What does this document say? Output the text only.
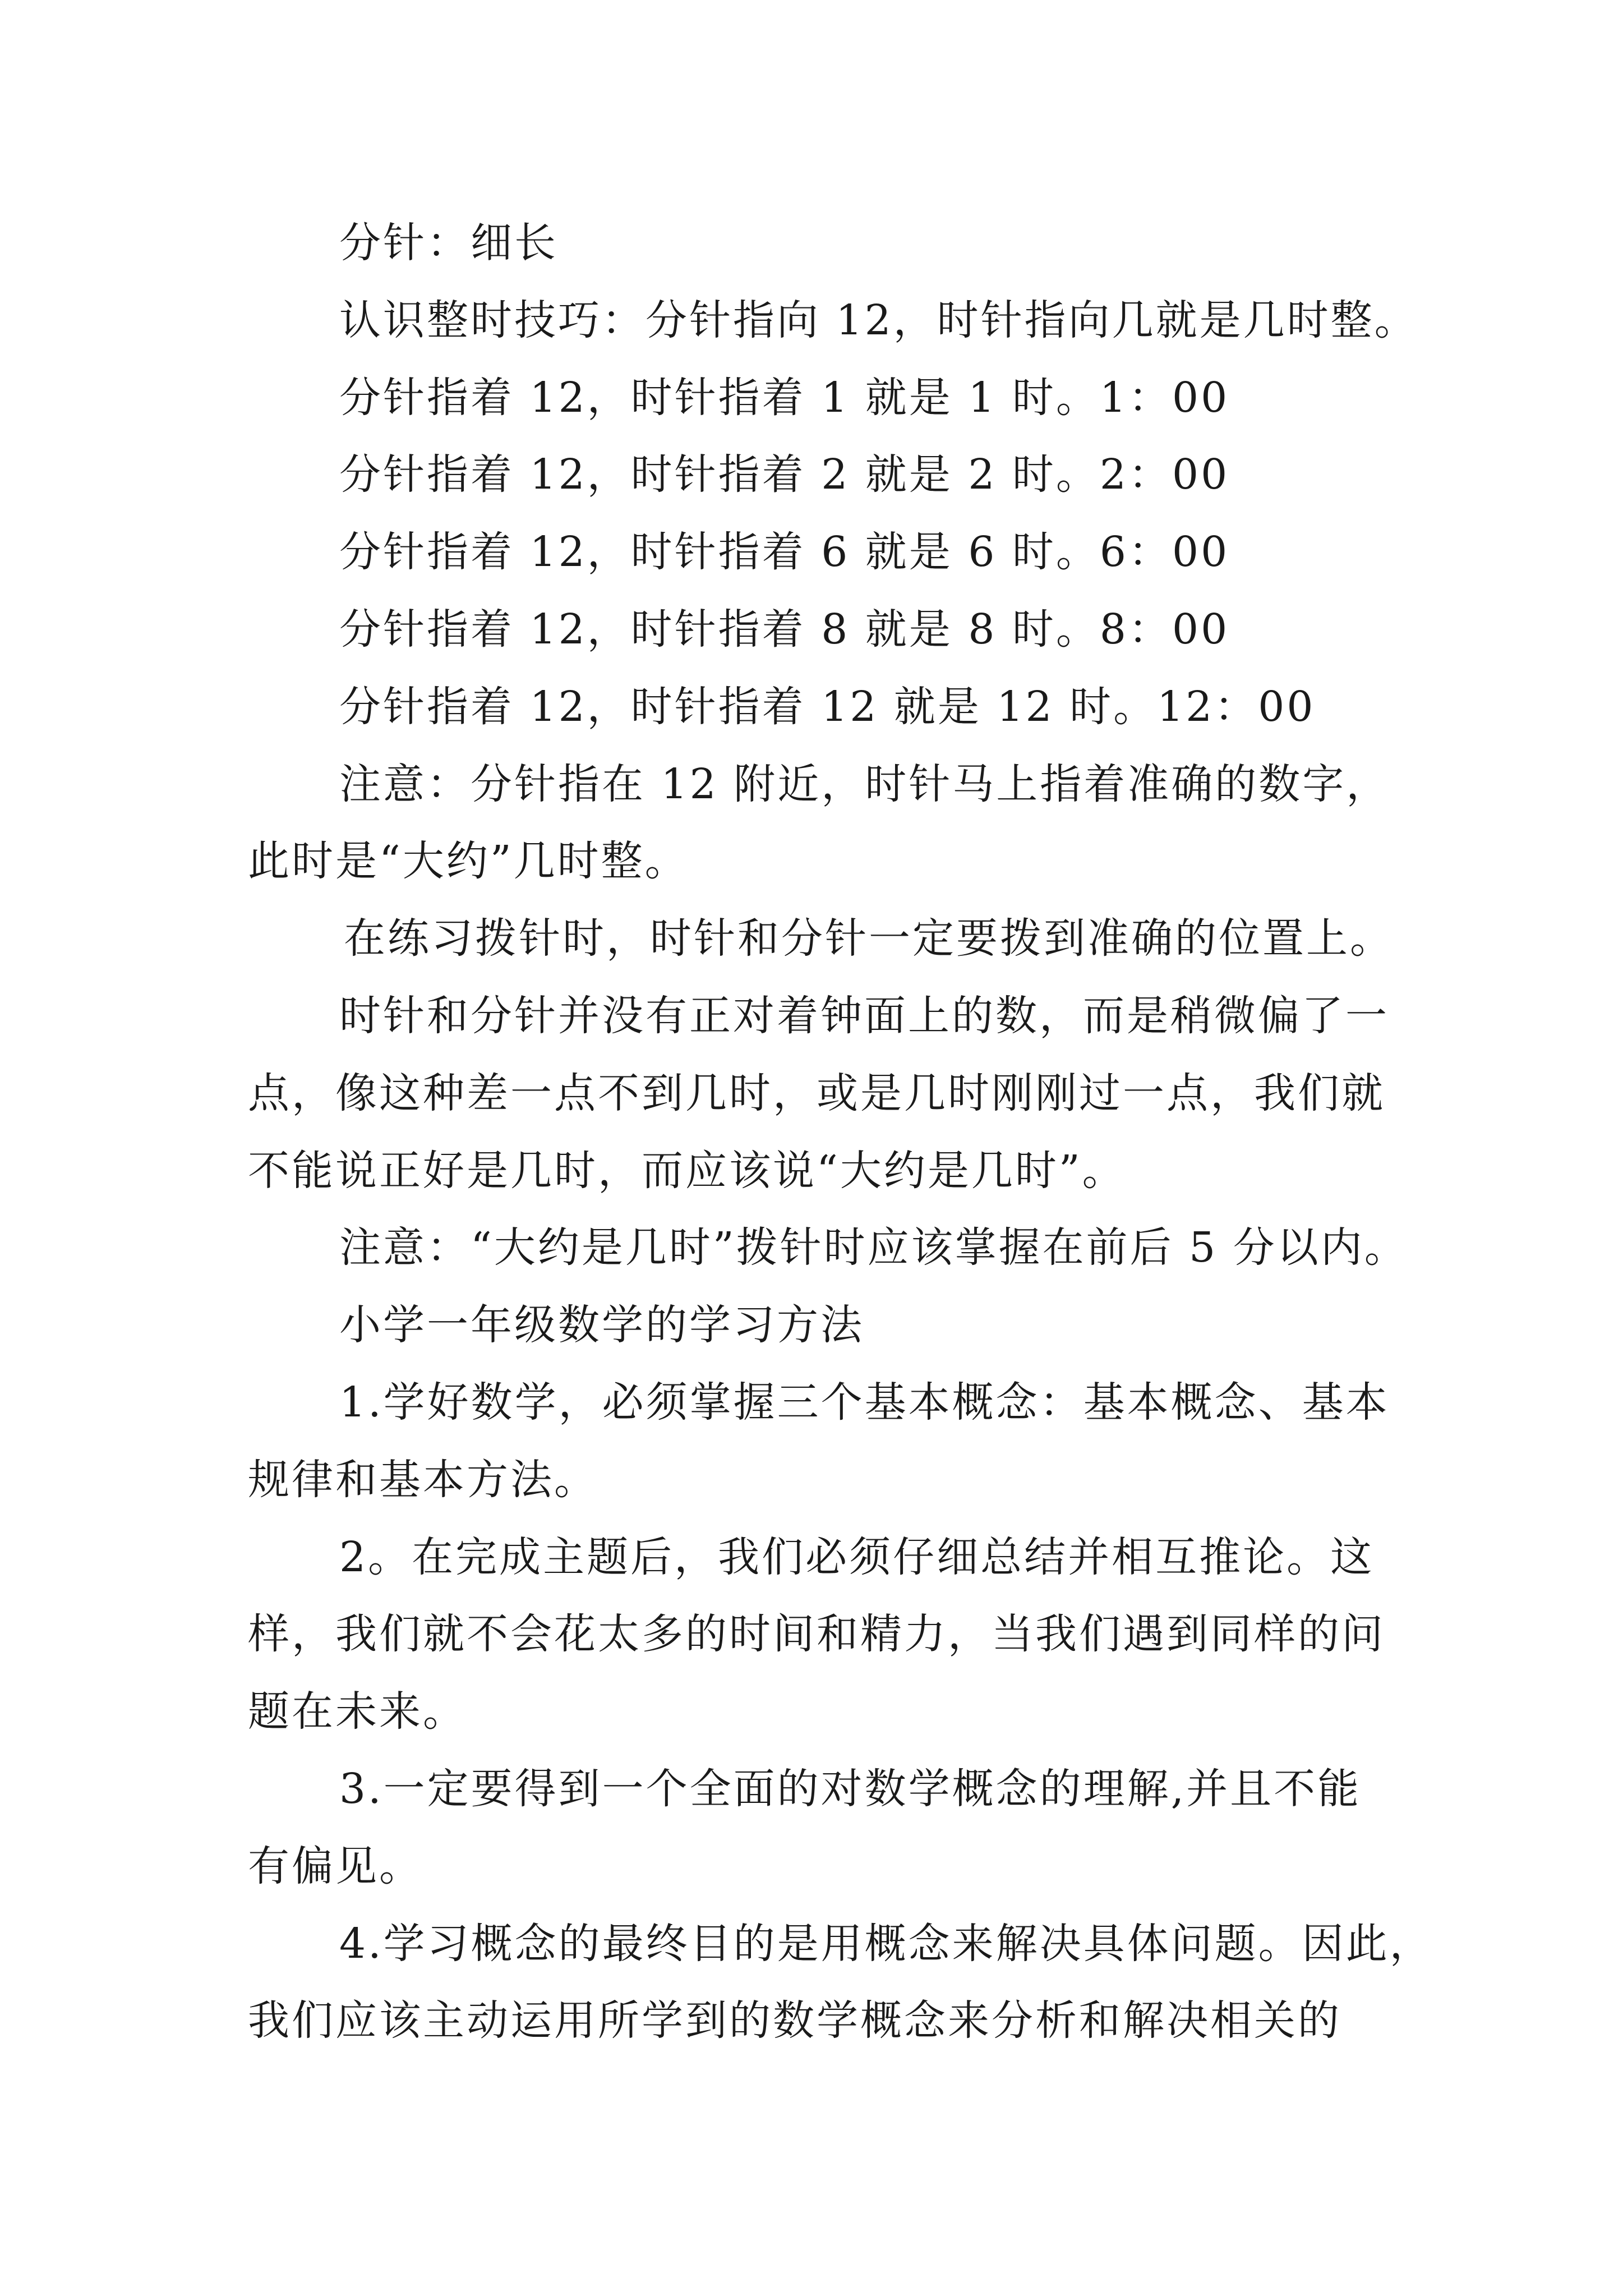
分针：细长
认识整时技巧：分针指向 12，时针指向几就是几时整。
分针指着 12，时针指着 1 就是 1 时。1：00
分针指着 12，时针指着 2 就是 2 时。2：00
分针指着 12，时针指着 6 就是 6 时。6：00
分针指着 12，时针指着 8 就是 8 时。8：00
分针指着 12，时针指着 12 就是 12 时。12：00
注意：分针指在 12 附近，时针马上指着准确的数字，
此时是“大约”几时整。
在练习拨针时，时针和分针一定要拨到准确的位置上。
时针和分针并没有正对着钟面上的数，而是稍微偏了一
点，像这种差一点不到几时，或是几时刚刚过一点，我们就
不能说正好是几时，而应该说“大约是几时”。
注意：“大约是几时”拨针时应该掌握在前后 5 分以内。
小学一年级数学的学习方法
1.学好数学，必须掌握三个基本概念：基本概念、基本
规律和基本方法。
2。在完成主题后，我们必须仔细总结并相互推论。这
样，我们就不会花太多的时间和精力，当我们遇到同样的问
题在未来。
3.一定要得到一个全面的对数学概念的理解,并且不能
有偏见。
4.学习概念的最终目的是用概念来解决具体问题。因此，
我们应该主动运用所学到的数学概念来分析和解决相关的
